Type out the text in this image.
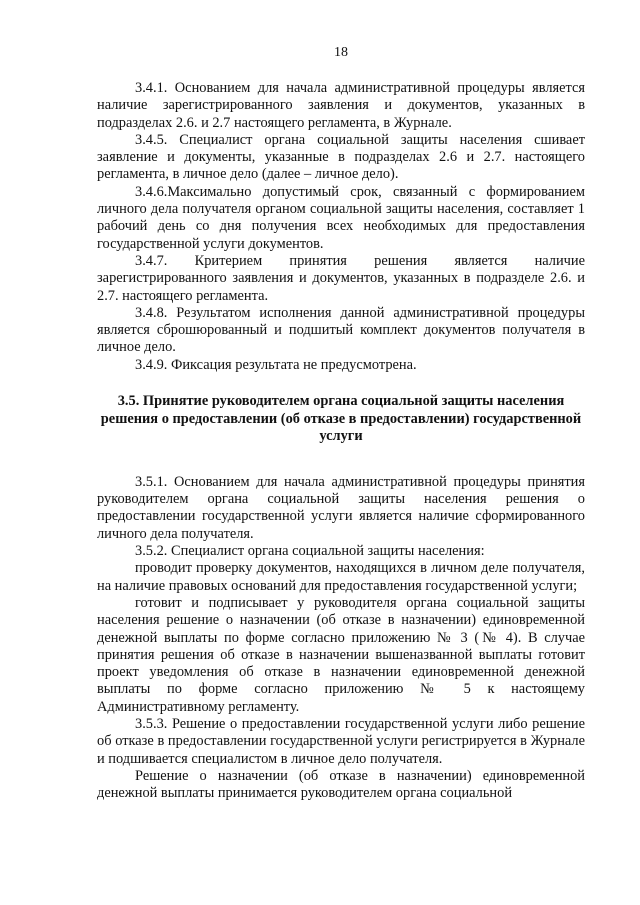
18

3.4.1. Основанием для начала административной процедуры является наличие зарегистрированного заявления и документов, указанных в подразделах 2.6. и 2.7 настоящего регламента, в Журнале.

3.4.5. Специалист органа социальной защиты населения сшивает заявление и документы, указанные в подразделах 2.6 и 2.7. настоящего регламента, в личное дело (далее – личное дело).

3.4.6.Максимально допустимый срок, связанный с формированием личного дела получателя органом социальной защиты населения, составляет 1 рабочий день со дня получения всех необходимых для предоставления государственной услуги документов.

3.4.7. Критерием принятия решения является наличие зарегистрированного заявления и документов, указанных в подразделе 2.6. и 2.7. настоящего регламента.

3.4.8. Результатом исполнения данной административной процедуры является сброшюрованный и подшитый комплект документов получателя в личное дело.

3.4.9. Фиксация результата не предусмотрена.

3.5. Принятие руководителем органа социальной защиты населения решения о предоставлении (об отказе в предоставлении) государственной услуги

3.5.1. Основанием для начала административной процедуры принятия руководителем органа социальной защиты населения решения о предоставлении государственной услуги является наличие сформированного личного дела получателя.

3.5.2. Специалист органа социальной защиты населения:

проводит проверку документов, находящихся в личном деле получателя, на наличие правовых оснований для предоставления государственной услуги;

готовит и подписывает у руководителя органа социальной защиты населения решение о назначении (об отказе в назначении) единовременной денежной выплаты по форме согласно приложению № 3 (№ 4). В случае принятия решения об отказе в назначении вышеназванной выплаты готовит проект уведомления об отказе в назначении единовременной денежной выплаты по форме согласно приложению № 5 к настоящему Административному регламенту.

3.5.3. Решение о предоставлении государственной услуги либо решение об отказе в предоставлении государственной услуги регистрируется в Журнале и подшивается специалистом в личное дело получателя.

Решение о назначении (об отказе в назначении) единовременной денежной выплаты принимается руководителем органа социальной
